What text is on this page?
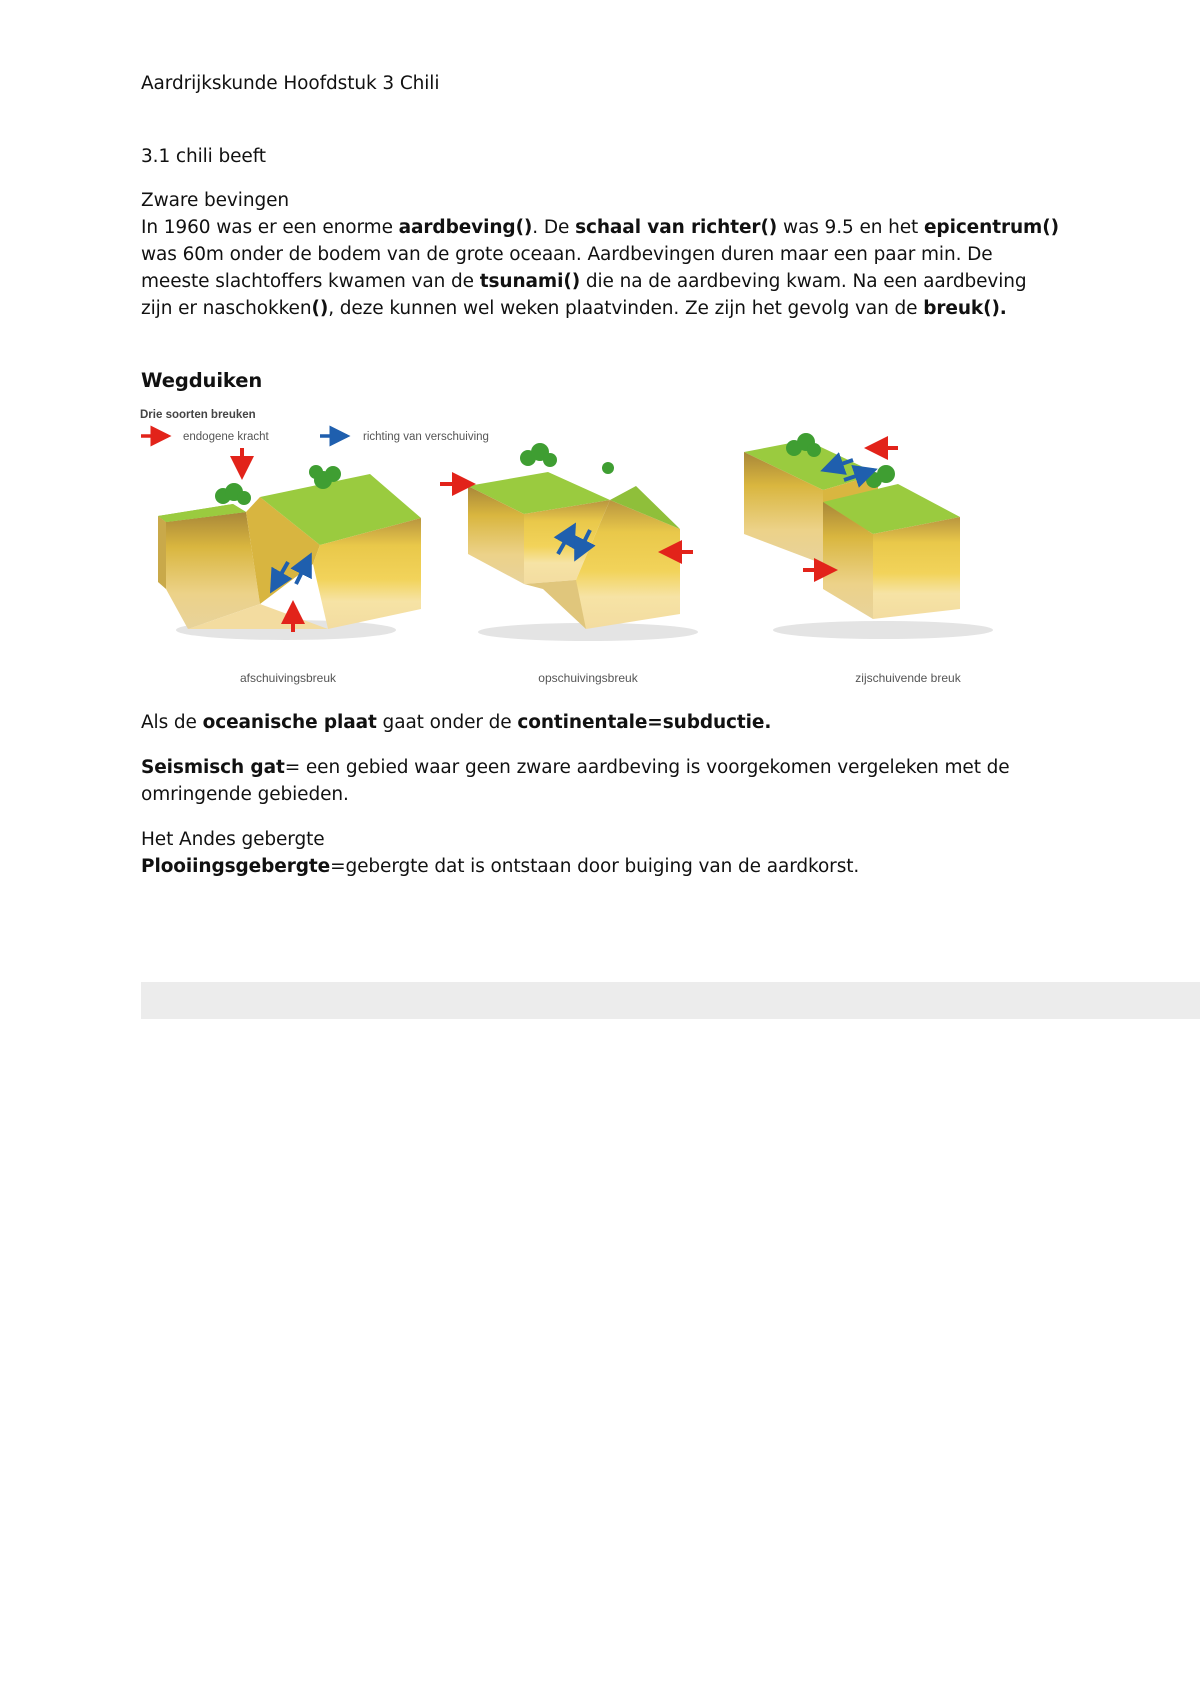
Aardrijkskunde Hoofdstuk 3 Chili
3.1 chili beeft
Zware bevingen
In 1960 was er een enorme aardbeving(). De schaal van richter() was 9.5 en het epicentrum() was 60m onder de bodem van de grote oceaan. Aardbevingen duren maar een paar min. De meeste slachtoffers kwamen van de tsunami() die na de aardbeving kwam. Na een aardbeving zijn er naschokken(), deze kunnen wel weken plaatvinden. Ze zijn het gevolg van de breuk().
Wegduiken
Drie soorten breuken
endogene kracht	richting van verschuiving
afschuivingsbreuk	opschuivingsbreuk	zijschuivende breuk
Als de oceanische plaat gaat onder de continentale=subductie.
Seismisch gat= een gebied waar geen zware aardbeving is voorgekomen vergeleken met de omringende gebieden.
Het Andes gebergte
Plooiingsgebergte=gebergte dat is ontstaan door buiging van de aardkorst.
